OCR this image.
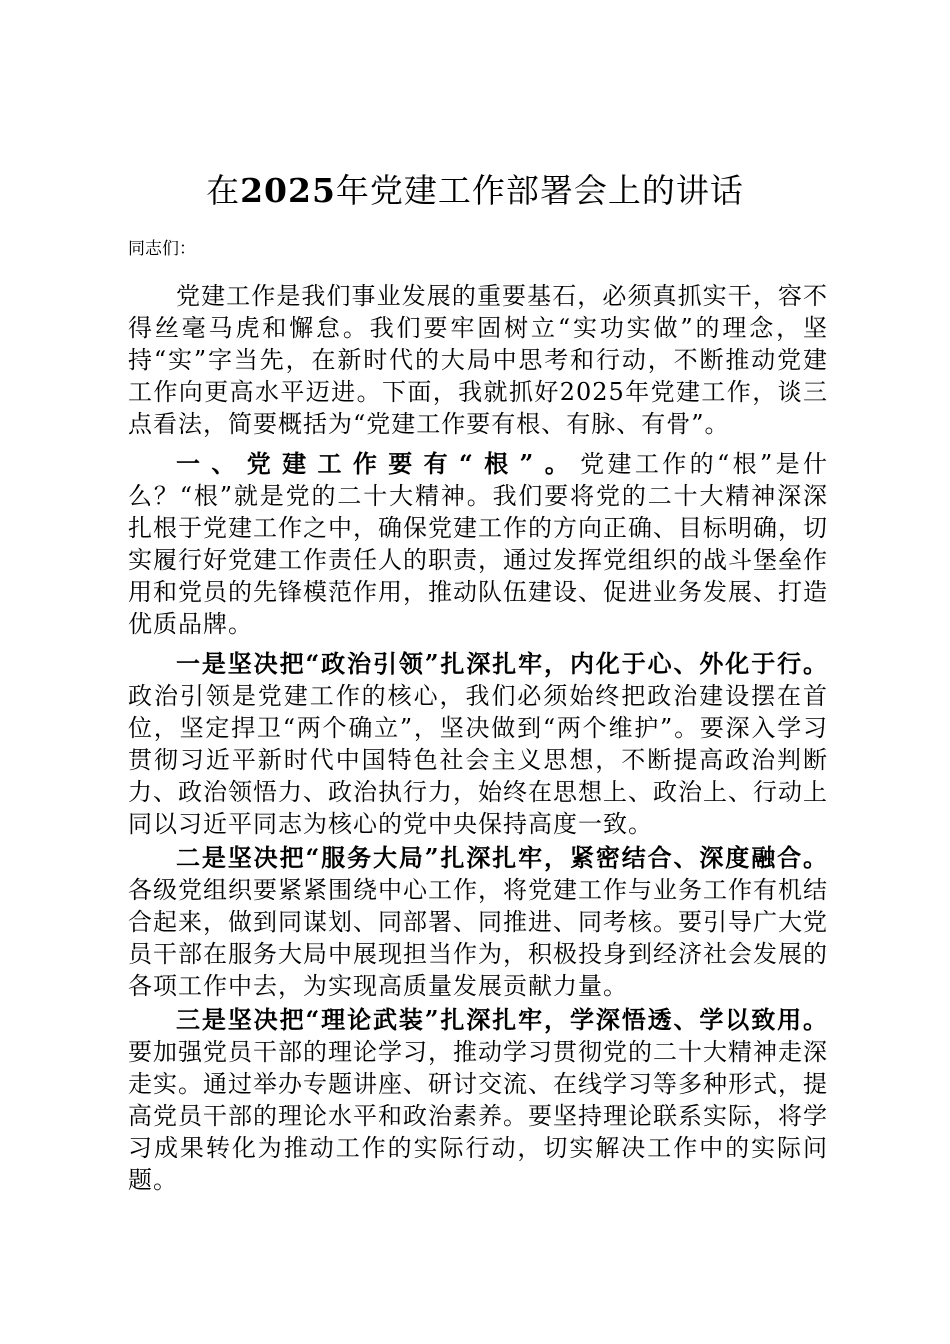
在2025年党建工作部署会上的讲话

同志们：

党建工作是我们事业发展的重要基石，必须真抓实干，容不得丝毫马虎和懈怠。我们要牢固树立“实功实做”的理念，坚持“实”字当先，在新时代的大局中思考和行动，不断推动党建工作向更高水平迈进。下面，我就抓好2025年党建工作，谈三点看法，简要概括为“党建工作要有根、有脉、有骨”。

一、党建工作要有“根”。党建工作的“根”是什么？“根”就是党的二十大精神。我们要将党的二十大精神深深扎根于党建工作之中，确保党建工作的方向正确、目标明确，切实履行好党建工作责任人的职责，通过发挥党组织的战斗堡垒作用和党员的先锋模范作用，推动队伍建设、促进业务发展、打造优质品牌。

一是坚决把“政治引领”扎深扎牢，内化于心、外化于行。政治引领是党建工作的核心，我们必须始终把政治建设摆在首位，坚定捍卫“两个确立”，坚决做到“两个维护”。要深入学习贯彻习近平新时代中国特色社会主义思想，不断提高政治判断力、政治领悟力、政治执行力，始终在思想上、政治上、行动上同以习近平同志为核心的党中央保持高度一致。

二是坚决把“服务大局”扎深扎牢，紧密结合、深度融合。各级党组织要紧紧围绕中心工作，将党建工作与业务工作有机结合起来，做到同谋划、同部署、同推进、同考核。要引导广大党员干部在服务大局中展现担当作为，积极投身到经济社会发展的各项工作中去，为实现高质量发展贡献力量。

三是坚决把“理论武装”扎深扎牢，学深悟透、学以致用。要加强党员干部的理论学习，推动学习贯彻党的二十大精神走深走实。通过举办专题讲座、研讨交流、在线学习等多种形式，提高党员干部的理论水平和政治素养。要坚持理论联系实际，将学习成果转化为推动工作的实际行动，切实解决工作中的实际问题。
